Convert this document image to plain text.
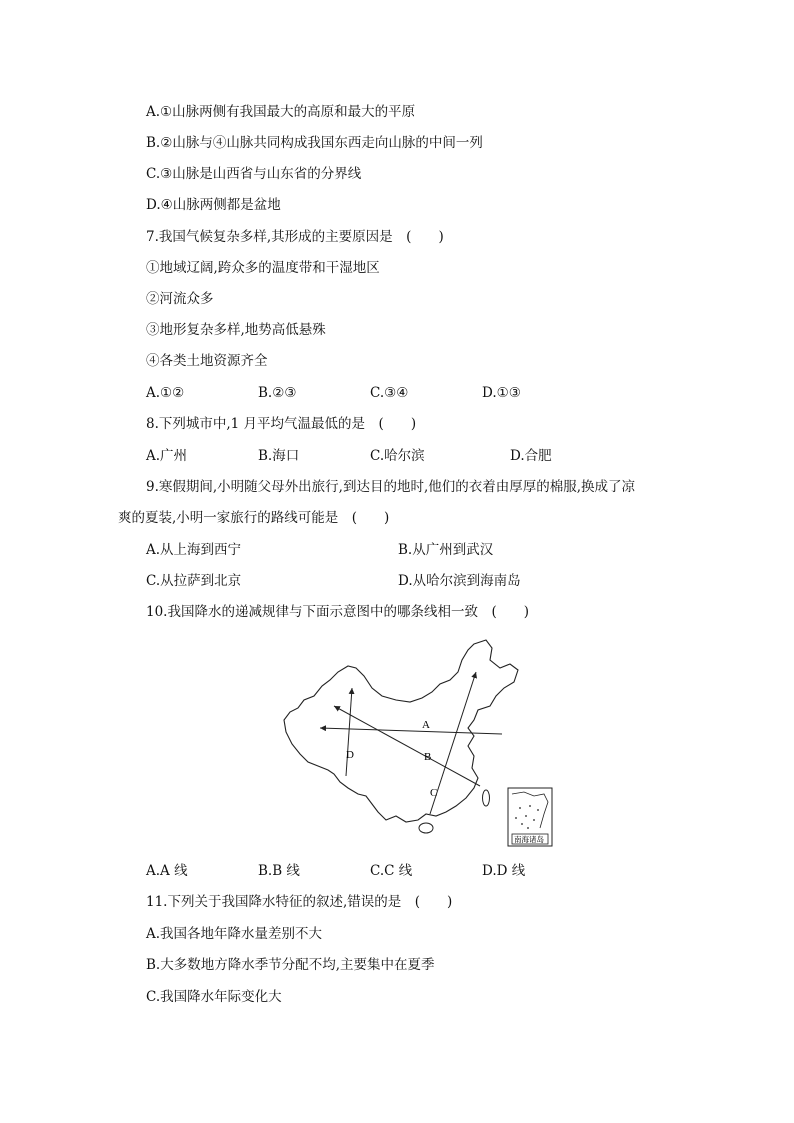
A.①山脉两侧有我国最大的高原和最大的平原
B.②山脉与④山脉共同构成我国东西走向山脉的中间一列
C.③山脉是山西省与山东省的分界线
D.④山脉两侧都是盆地
7.我国气候复杂多样,其形成的主要原因是　(　　)
①地域辽阔,跨众多的温度带和干湿地区
②河流众多
③地形复杂多样,地势高低悬殊
④各类土地资源齐全
A.①②	B.②③	C.③④	D.①③
8.下列城市中,1 月平均气温最低的是　(　　)
A.广州	B.海口	C.哈尔滨	D.合肥
9.寒假期间,小明随父母外出旅行,到达目的地时,他们的衣着由厚厚的棉服,换成了凉
爽的夏装,小明一家旅行的路线可能是　(　　)
A.从上海到西宁	B.从广州到武汉
C.从拉萨到北京	D.从哈尔滨到海南岛
10.我国降水的递减规律与下面示意图中的哪条线相一致　(　　)
A
B
C
D
南海诸岛
A.A 线	B.B 线	C.C 线	D.D 线
11.下列关于我国降水特征的叙述,错误的是　(　　)
A.我国各地年降水量差别不大
B.大多数地方降水季节分配不均,主要集中在夏季
C.我国降水年际变化大
